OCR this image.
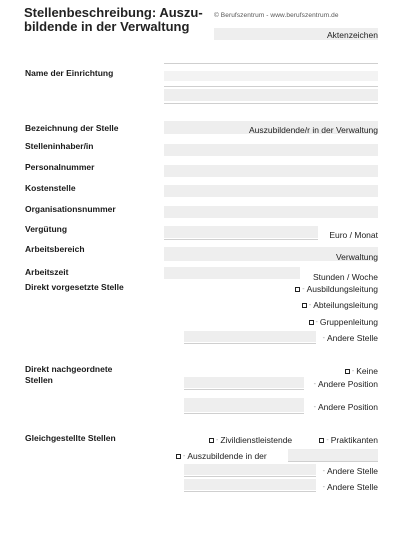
Stellenbeschreibung: Auszu-
bildende in der Verwaltung
© Berufszentrum - www.berufszentrum.de
Aktenzeichen
Name der Einrichtung
Bezeichnung der Stelle	Auszubildende/r in der Verwaltung
Stelleninhaber/in
Personalnummer
Kostenstelle
Organisationsnummer
Vergütung
Euro / Monat
Arbeitsbereich
Verwaltung
Arbeitszeit	Stunden / Woche
Direkt vorgesetzte Stelle	- Ausbildungsleitung
- Abteilungsleitung
- Gruppenleitung
- Andere Stelle
Direkt nachgeordnete
Stellen
- Keine
- Andere Position
- Andere Position
Gleichgestellte Stellen	- Zivildienstleistende	- Praktikanten
- Auszubildende in der
- Andere Stelle
- Andere Stelle
